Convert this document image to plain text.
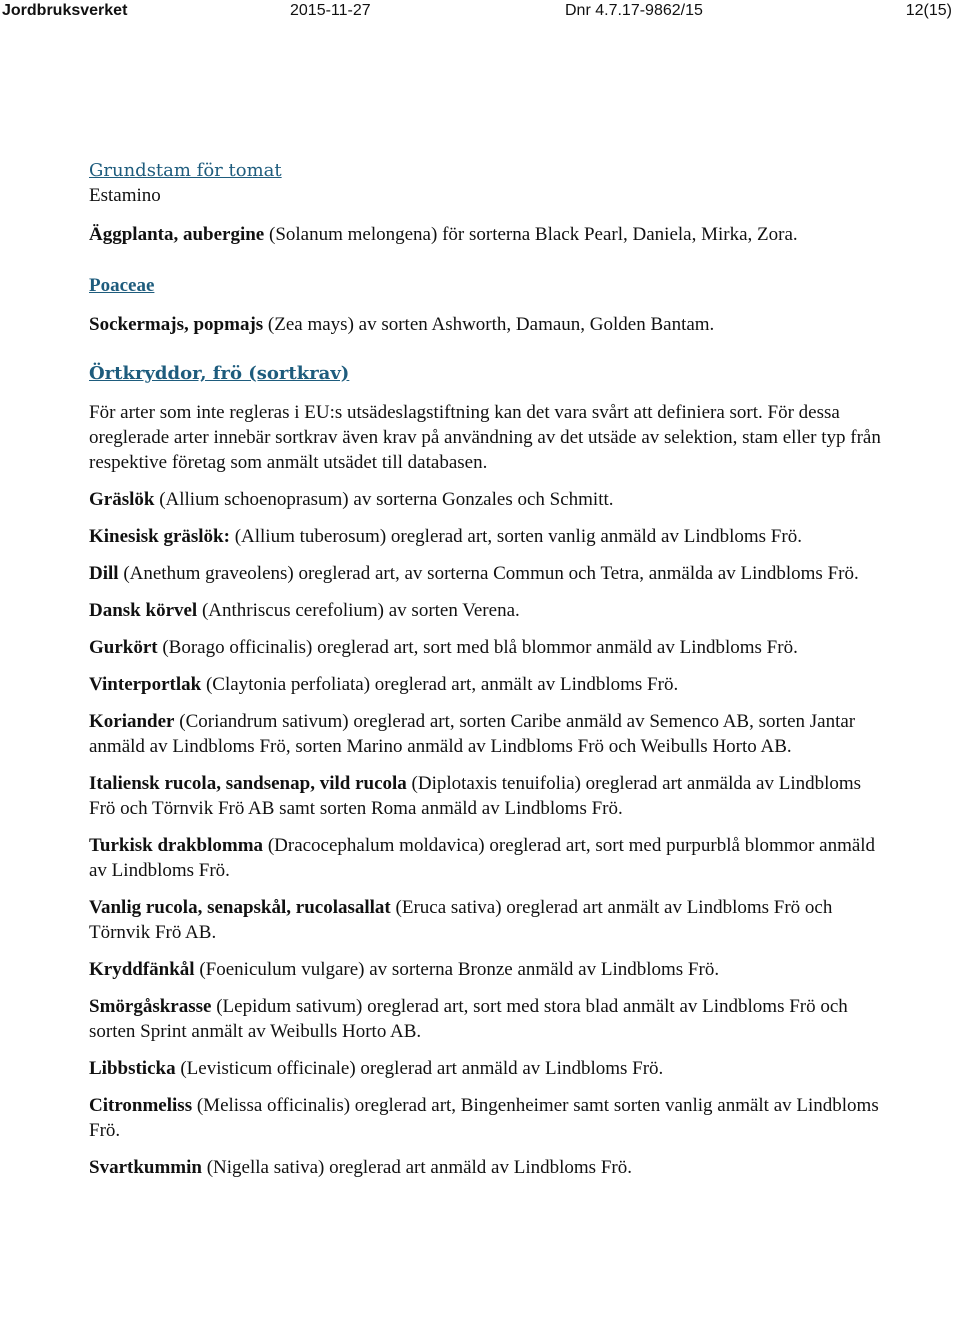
Jordbruksverket	2015-11-27	Dnr 4.7.17-9862/15	12(15)

Grundstam för tomat

Estamino

Äggplanta, aubergine (Solanum melongena) för sorterna Black Pearl, Daniela, Mirka, Zora.

Poaceae

Sockermajs, popmajs (Zea mays) av sorten Ashworth, Damaun, Golden Bantam.

Örtkryddor, frö (sortkrav)

För arter som inte regleras i EU:s utsädeslagstiftning kan det vara svårt att definiera sort. För dessa oreglerade arter innebär sortkrav även krav på användning av det utsäde av selektion, stam eller typ från respektive företag som anmält utsädet till databasen.

Gräslök (Allium schoenoprasum) av sorterna Gonzales och Schmitt.

Kinesisk gräslök: (Allium tuberosum) oreglerad art, sorten vanlig anmäld av Lindbloms Frö.

Dill (Anethum graveolens) oreglerad art, av sorterna Commun och Tetra, anmälda av Lindbloms Frö.

Dansk körvel (Anthriscus cerefolium) av sorten Verena.

Gurkört (Borago officinalis) oreglerad art, sort med blå blommor anmäld av Lindbloms Frö.

Vinterportlak (Claytonia perfoliata) oreglerad art, anmält av Lindbloms Frö.

Koriander (Coriandrum sativum) oreglerad art, sorten Caribe anmäld av Semenco AB, sorten Jantar anmäld av Lindbloms Frö, sorten Marino anmäld av Lindbloms Frö och Weibulls Horto AB.

Italiensk rucola, sandsenap, vild rucola (Diplotaxis tenuifolia) oreglerad art anmälda av Lindbloms Frö och Törnvik Frö AB samt sorten Roma anmäld av Lindbloms Frö.

Turkisk drakblomma (Dracocephalum moldavica) oreglerad art, sort med purpurblå blommor anmäld av Lindbloms Frö.

Vanlig rucola, senapskål, rucolasallat (Eruca sativa) oreglerad art anmält av Lindbloms Frö och Törnvik Frö AB.

Kryddfänkål (Foeniculum vulgare) av sorterna Bronze anmäld av Lindbloms Frö.

Smörgåskrasse (Lepidum sativum) oreglerad art, sort med stora blad anmält av Lindbloms Frö och sorten Sprint anmält av Weibulls Horto AB.

Libbsticka (Levisticum officinale) oreglerad art anmäld av Lindbloms Frö.

Citronmeliss (Melissa officinalis) oreglerad art, Bingenheimer samt sorten vanlig anmält av Lindbloms Frö.

Svartkummin (Nigella sativa) oreglerad art anmäld av Lindbloms Frö.
